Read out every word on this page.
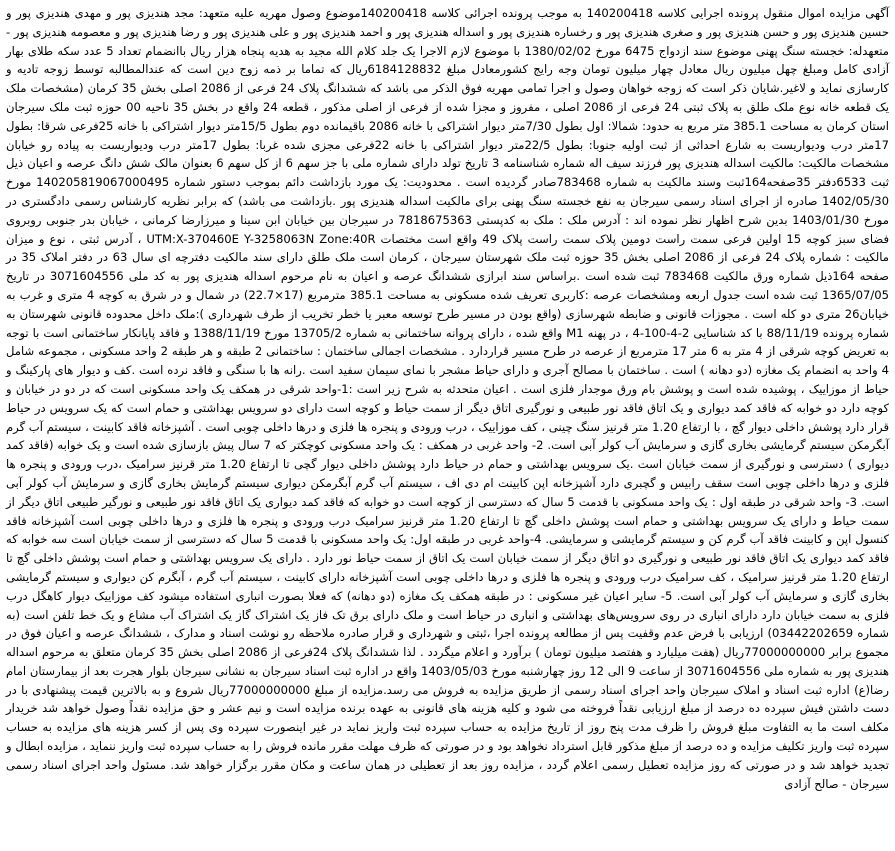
آگهی مزایده اموال منقول پرونده اجرایی کلاسه 140200418 به موجب پرونده اجرائی کلاسه 140200418موضوع وصول مهریه علیه متعهد: مجد هندیزی پور و مهدی هندیزی پور و حسین هندیزی پور و حسن هندیزی پور و صغری هندیزی پور و رخساره هندیزی پور و اسداله هندیزی پور و احمد هندیزی پور و علی هندیزی پور و رضا هندیزی پور و معصومه هندیزی پور - متعهدله: خجسته سنگ پهنی موضوع سند ازدواج 6475 مورخ 1380/02/02 با موضوع لازم الاجرا یک جلد کلام الله مجید به هدیه پنجاه هزار ریال باانضمام تعداد 5 عدد سکه طلای بهار آزادی کامل ومبلغ چهل میلیون ریال معادل چهار میلیون تومان وجه رایج کشورمعادل مبلغ 6184128832ریال که تماما بر ذمه زوج دین است که عندالمطالبه توسط زوجه تادیه و کارسازی نماید و لاغیر.شایان ذکر است که زوجه خواهان وصول و اجرا تمامی مهریه فوق الذکر می باشد که ششدانگ پلاک 24 فرعی از 2086 اصلی بخش 35 کرمان (مشخصات ملک یک قطعه خانه نوع ملک طلق به پلاک ثبتی 24 فرعی از 2086 اصلی ، مفروز و مجزا شده از فرعی از اصلی مذکور ، قطعه 24 واقع در بخش 35 ناحیه 00 حوزه ثبت ملک سیرجان استان کرمان به مساحت 385.1 متر مربع به حدود: شمالا: اول بطول 7/30متر دیوار اشتراکی با خانه 2086 باقیمانده دوم بطول 15/5متر دیوار اشتراکی با خانه 25فرعی شرقا: بطول 17متر درب ودیواریست به شارع احداثی از ثبت اولیه جنوبا: بطول 22/5متر دیوار اشتراکی با خانه 22فرعی مجزی شده غربا: بطول 17متر درب ودیواریست به پیاده رو خیابان مشخصات مالکیت: مالکیت اسداله هندیزی پور فرزند سیف اله شماره شناسنامه 3 تاریخ تولد دارای شماره ملی با جز سهم 6 از کل سهم 6 بعنوان مالک شش دانگ عرصه و اعیان ذیل ثبت 6533دفتر 35صفحه164ثبت وسند مالکیت به شماره 783468صادر گردیده است . محدودیت: یک مورد بازداشت دائم بموجب دستور شماره 140205819067000495 مورخ 1402/05/30 صادره از اجرای اسناد رسمی سیرجان به نفع خجسته سنگ پهنی برای مالکیت اسداله هندیزی پور .بازداشت می باشد) که برابر نظریه کارشناس رسمی دادگستری در مورخ 1403/01/30 بدین شرح اظهار نظر نموده اند : آدرس ملک : ملک به کدپستی 7818675363 در سیرجان بین خیابان ابن سینا و میرزارضا کرمانی ، خیابان بدر جنوبی روبروی فضای سبز کوچه 15 اولین فرعی سمت راست دومین پلاک سمت راست پلاک 49 واقع است مختصات UTM:X-370460E Y-3258063N Zone:40R ، آدرس ثبتی ، نوع و میزان مالکیت : شماره پلاک 24 فرعی از 2086 اصلی بخش 35 حوزه ثبت ملک شهرستان سیرجان ، کرمان است ملک طلق دارای سند مالکیت دفترچه ای سال 63 در دفتر املاک 35 در صفحه 164ذیل شماره ورق مالکیت 783468 ثبت شده است .براساس سند ابرازی ششدانگ عرصه و اعیان به نام مرحوم اسداله هندیزی پور به کد ملی 3071604556 در تاریخ 1365/07/05 ثبت شده است جدول اربعه ومشخصات عرصه :کاربری تعریف شده مسکونی به مساحت 385.1 مترمربع (17×22.7) در شمال و در شرق به کوچه 4 متری و غرب به خیابان26 متری دو کله است . مجوزات قانونی و ضابطه شهرسازی (واقع بودن در مسیر طرح توسعه معبر یا خطر تخریب از طرف شهرداری ):ملک داخل محدوده قانونی شهرستان به شماره پرونده 88/11/19 با کد شناسایی 2-4-100-4 ، در پهنه M1 واقع شده ، دارای پروانه ساختمانی به شماره 13705/2 مورخ 1388/11/19 و فاقد پایانکار ساختمانی است با توجه به تعریض کوچه شرقی از 4 متر به 6 متر 17 مترمربع از عرصه در طرح مسیر قراردارد . مشخصات اجمالی ساختمان : ساختمانی 2 طبقه و هر طبقه 2 واحد مسکونی ، مجموعه شامل 4 واحد به انضمام یک مغازه (دو دهانه ) است . ساختمان با مصالح آجری و دارای حیاط مشجر با نمای سیمان سفید است .رانه ها با سنگی و فاقد نرده است .کف و دیوار های پارکینگ و حیاط از موزاییک ، پوشیده شده است و پوشش بام ورق موجدار فلزی است . اعیان متحدثه به شرح زیر است :1-واحد شرقی در همکف یک واحد مسکونی است که در دو در خیابان و کوچه دارد دو خوابه که فاقد کمد دیواری و یک اتاق فاقد نور طبیعی و نورگیری اتاق دیگر از سمت حیاط و کوچه است دارای دو سرویس بهداشتی و حمام است که یک سرویس در حیاط قرار دارد پوشش داخلی دیوار گچ ، با ارتفاع 1.20 متر قرنیز سنگ چینی ، کف موزاییک ، درب ورودی و پنجره ها فلزی و درها داخلی چوبی است . آشپزخانه فاقد کابینت ، سیستم آب گرم آبگرمکن سیستم گرمایشی بخاری گازی و سرمایش آب کولر آبی است. 2- واحد غربی در همکف : یک واحد مسکونی کوچکتر که 7 سال پیش بازسازی شده است و یک خوابه (فاقد کمد دیواری ) دسترسی و نورگیری از سمت خیابان است .یک سرویس بهداشتی و حمام در حیاط دارد پوشش داخلی دیوار گچی تا ارتفاع 1.20 متر قرنیز سرامیک ،درب ورودی و پنجره ها فلزی و درها داخلی چوبی است سقف رابیس و گچبری دارد آشپزخانه اپن کابینت ام دی اف ، سیستم آب گرم آبگرمکن دیواری سیستم گرمایش بخاری گازی و سرمایش آب کولر آبی است. 3- واحد شرقی در طبقه اول : یک واحد مسکونی با قدمت 5 سال که دسترسی از کوچه است دو خوابه که فاقد کمد دیواری یک اتاق فاقد نور طبیعی و نورگیر طبیعی اتاق دیگر از سمت حیاط و دارای یک سرویس بهداشتی و حمام است پوشش داخلی گچ تا ارتفاع 1.20 متر قرنیز سرامیک درب ورودی و پنجره ها فلزی و درها داخلی چوبی است آشپزخانه فاقد کنسول اپن و کابینت فاقد آب گرم کن و سیستم گرمایشی و سرمایشی. 4-واحد غربی در طبقه اول: یک واحد مسکونی با قدمت 5 سال که دسترسی از سمت خیابان است سه خوابه که فاقد کمد دیواری یک اتاق فاقد نور طبیعی و نورگیری دو اتاق دیگر از سمت خیابان است یک اتاق از سمت حیاط نور دارد . دارای یک سرویس بهداشتی و حمام است پوشش داخلی گچ تا ارتفاع 1.20 متر قرنیز سرامیک ، کف سرامیک درب ورودی و پنجره ها فلزی و درها داخلی چوبی است آشپزخانه دارای کابینت ، سیستم آب گرم ، آبگرم کن دیواری و سیستم گرمایشی بخاری گازی و سرمایش آب کولر آبی است. 5- سایر اعیان غیر مسکونی : در طبقه همکف یک مغازه (دو دهانه) که فعلا بصورت انباری استفاده میشود کف موزاییک دیوار کاهگل درب فلزی به سمت خیابان دارد دارای انباری در روی سرویس‌های بهداشتی و انباری در حیاط است و ملک دارای برق تک فاز یک اشتراک گاز یک اشتراک آب مشاع و یک خط تلفن است (به شماره 03442202659) ارزیابی با فرض عدم وقفیت پس از مطالعه پرونده اجرا ،ثبتی و شهرداری و قرار صادره ملاحظه رو نوشت اسناد و مدارک ، ششدانگ عرصه و اعیان فوق در مجموع برابر 77000000000ریال (هفت میلیارد و هفتصد میلیون تومان ) برآورد و اعلام میگردد . لذا ششدانگ پلاک 24فرعی از 2086 اصلی بخش 35 کرمان متعلق به مرحوم اسداله هندیزی پور به شماره ملی 3071604556 از ساعت 9 الی 12 روز چهارشنبه مورخ 1403/05/03 واقع در اداره ثبت اسناد سیرجان به نشانی سیرجان بلوار هجرت بعد از بیمارستان امام رضا(ع) اداره ثبت اسناد و املاک سیرجان واحد اجرای اسناد رسمی از طریق مزایده به فروش می رسد.مزایده از مبلغ 77000000000ریال شروع و به بالاترین قیمت پیشنهادی با در دست داشتن فیش سپرده ده درصد از مبلغ ارزیابی نقداً فروخته می شود و کلیه هزینه های قانونی به عهده برنده مزایده است و نیم عشر و حق مزایده نقداً وصول خواهد شد خریدار مکلف است ما به التفاوت مبلغ فروش را ظرف مدت پنج روز از تاریخ مزایده به حساب سپرده ثبت واریز نماید در غیر اینصورت سپرده وی پس از کسر هزینه های مزایده به حساب سپرده ثبت واریز تکلیف مزایده و ده درصد از مبلغ مذکور قابل استرداد نخواهد بود و در صورتی که ظرف مهلت مقرر مانده فروش را به حساب سپرده ثبت واریز ننماید ، مزایده ابطال و تجدید خواهد شد و در صورتی که روز مزایده تعطیل رسمی اعلام گردد ، مزایده روز بعد از تعطیلی در همان ساعت و مکان مقرر برگزار خواهد شد. مسئول واحد اجرای اسناد رسمی سیرجان - صالح آزادی
